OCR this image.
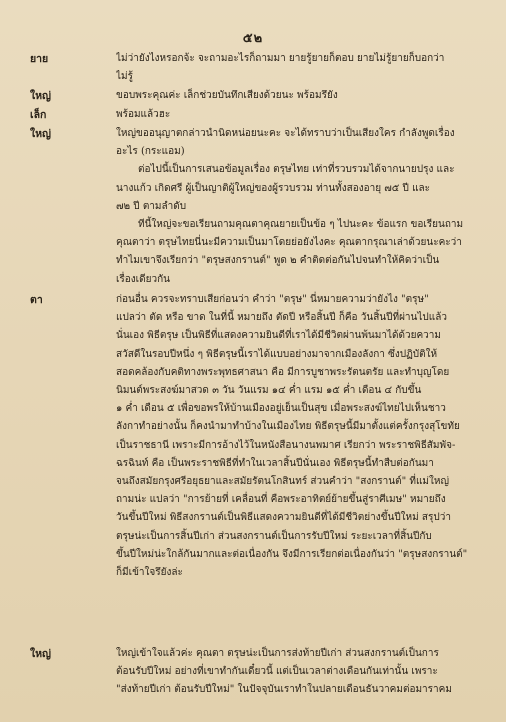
๕๒
ยาย	ไม่ว่ายังไงหรอกจ้ะ จะถามอะไรก็ถามมา ยายรู้ยายก็ตอบ ยายไม่รู้ยายก็บอกว่า
ไม่รู้
ใหญ่	ขอบพระคุณค่ะ เล็กช่วยบันทึกเสียงด้วยนะ พร้อมรึยัง
เล็ก	พร้อมแล้วฮะ
ใหญ่	ใหญ่ขออนุญาตกล่าวนำนิดหน่อยนะคะ จะได้ทราบว่าเป็นเสียงใคร กำลังพูดเรื่อง
อะไร (กระแอม)
ต่อไปนี้เป็นการเสนอข้อมูลเรื่อง ตรุษไทย เท่าที่รวบรวมได้จากนายปรุง และ
นางแก้ว เกิดศรี ผู้เป็นญาติผู้ใหญ่ของผู้รวบรวม ท่านทั้งสองอายุ ๗๕ ปี และ
๗๒ ปี ตามลำดับ
ทีนี้ใหญ่จะขอเรียนถามคุณตาคุณยายเป็นข้อ ๆ ไปนะคะ ข้อแรก ขอเรียนถาม
คุณตาว่า ตรุษไทยนี่นะมีความเป็นมาโดยย่อยังไงคะ คุณตากรุณาเล่าด้วยนะคะว่า
ทำไมเขาจึงเรียกว่า "ตรุษสงกรานต์" พูด ๒ คำติดต่อกันไปจนทำให้คิดว่าเป็น
เรื่องเดียวกัน
ตา	ก่อนอื่น ควรจะทราบเสียก่อนว่า คำว่า "ตรุษ" นี่หมายความว่ายังไง "ตรุษ"
แปลว่า ตัด หรือ ขาด ในที่นี้ หมายถึง ตัดปี หรือสิ้นปี ก็คือ วันสิ้นปีที่ผ่านไปแล้ว
นั่นเอง พิธีตรุษ เป็นพิธีที่แสดงความยินดีที่เราได้มีชีวิตผ่านพ้นมาได้ด้วยความ
สวัสดีในรอบปีหนึ่ง ๆ พิธีตรุษนี้เราได้แบบอย่างมาจากเมืองลังกา ซึ่งปฏิบัติให้
สอดคล้องกับคติทางพระพุทธศาสนา คือ มีการบูชาพระรัตนตรัย และทำบุญโดย
นิมนต์พระสงฆ์มาสวด ๓ วัน วันแรม ๑๔ ค่ำ แรม ๑๕ ค่ำ เดือน ๔ กับขึ้น
๑ ค่ำ เดือน ๕ เพื่อขอพรให้บ้านเมืองอยู่เย็นเป็นสุข เมื่อพระสงฆ์ไทยไปเห็นชาว
ลังกาทำอย่างนั้น ก็คงนำมาทำบ้างในเมืองไทย พิธีตรุษนี้มีมาตั้งแต่ครั้งกรุงสุโขทัย
เป็นราชธานี เพราะมีการอ้างไว้ในหนังสือนางนพมาศ เรียกว่า พระราชพิธีสัมพัจ-
ฉรฉินท์ คือ เป็นพระราชพิธีที่ทำในเวลาสิ้นปีนั่นเอง พิธีตรุษนี้ทำสืบต่อกันมา
จนถึงสมัยกรุงศรีอยุธยาและสมัยรัตนโกสินทร์ ส่วนคำว่า "สงกรานต์" ที่แม่ใหญ่
ถามน่ะ แปลว่า "การย้ายที่ เคลื่อนที่ คือพระอาทิตย์ย้ายขึ้นสู่ราศีเมษ" หมายถึง
วันขึ้นปีใหม่ พิธีสงกรานต์เป็นพิธีแสดงความยินดีที่ได้มีชีวิตย่างขึ้นปีใหม่ สรุปว่า
ตรุษน่ะเป็นการสิ้นปีเก่า ส่วนสงกรานต์เป็นการรับปีใหม่ ระยะเวลาที่สิ้นปีกับ
ขึ้นปีใหม่น่ะใกล้กันมากและต่อเนื่องกัน จึงมีการเรียกต่อเนื่องกันว่า "ตรุษสงกรานต์"
ก็มีเข้าใจรึยังล่ะ
ใหญ่	ใหญ่เข้าใจแล้วค่ะ คุณตา ตรุษน่ะเป็นการส่งท้ายปีเก่า ส่วนสงกรานต์เป็นการ
ต้อนรับปีใหม่ อย่างที่เขาทำกันเดี๋ยวนี้ แต่เป็นเวลาต่างเดือนกันเท่านั้น เพราะ
"ส่งท้ายปีเก่า ต้อนรับปีใหม่" ในปัจจุบันเราทำในปลายเดือนธันวาคมต่อมาราคม
